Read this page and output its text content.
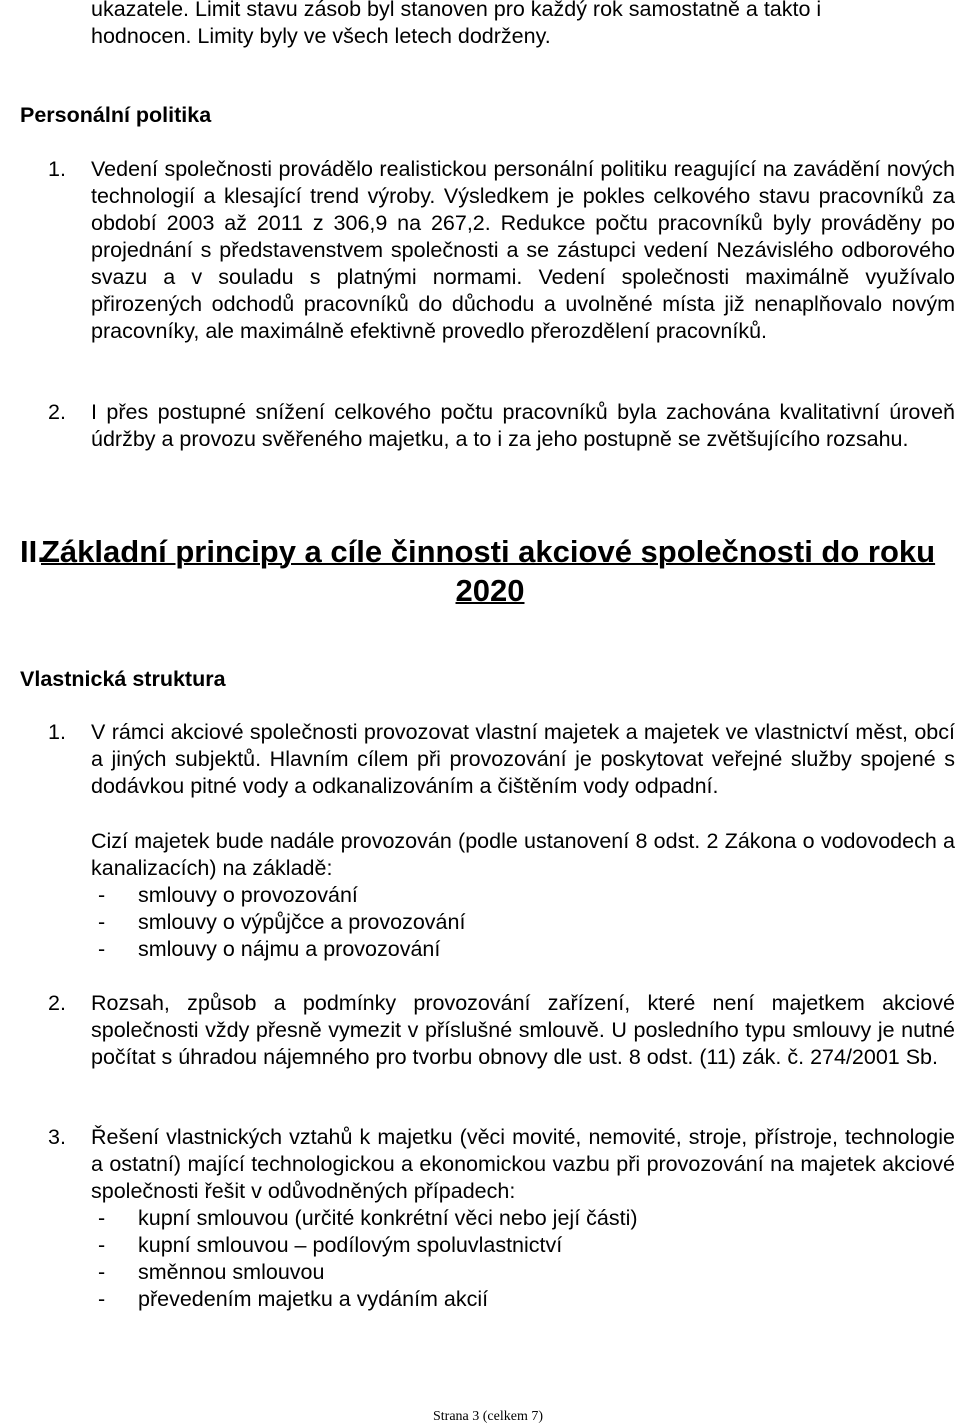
ukazatele. Limit stavu zásob byl stanoven pro každý rok samostatně a takto i
hodnocen. Limity byly ve všech letech dodrženy.
Personální politika
1. Vedení společnosti provádělo realistickou personální politiku reagující na zavádění nových technologií a klesající trend výroby. Výsledkem je pokles celkového stavu pracovníků za období 2003 až 2011 z 306,9 na 267,2. Redukce počtu pracovníků byly prováděny po projednání s představenstvem společnosti a se zástupci vedení Nezávislého odborového svazu a v souladu s platnými normami. Vedení společnosti maximálně využívalo přirozených odchodů pracovníků do důchodu a uvolněné místa již nenaplňovalo novým pracovníky, ale maximálně efektivně provedlo přerozdělení pracovníků.
2. I přes postupné snížení celkového počtu pracovníků byla zachována kvalitativní úroveň údržby a provozu svěřeného majetku, a to i za jeho postupně se zvětšujícího rozsahu.
II.
Základní principy a cíle činnosti akciové společnosti do roku
2020
Vlastnická struktura
1. V rámci akciové společnosti provozovat vlastní majetek a majetek ve vlastnictví měst, obcí a jiných subjektů. Hlavním cílem při provozování je poskytovat veřejné služby spojené s dodávkou pitné vody a odkanalizováním a čištěním vody odpadní.
Cizí majetek bude nadále provozován (podle ustanovení 8 odst. 2 Zákona o vodovodech a kanalizacích) na základě:
- smlouvy o provozování
- smlouvy o výpůjčce a provozování
- smlouvy o nájmu a provozování
2. Rozsah, způsob a podmínky provozování zařízení, které není majetkem akciové společnosti vždy přesně vymezit v příslušné smlouvě. U posledního typu smlouvy je nutné počítat s úhradou nájemného pro tvorbu obnovy dle ust. 8 odst. (11) zák. č. 274/2001 Sb.
3. Řešení vlastnických vztahů k majetku (věci movité, nemovité, stroje, přístroje, technologie a ostatní) mající technologickou a ekonomickou vazbu při provozování na majetek akciové společnosti řešit v odůvodněných případech:
- kupní smlouvou (určité konkrétní věci nebo její části)
- kupní smlouvou – podílovým spoluvlastnictví
- směnnou smlouvou
- převedením majetku a vydáním akcií
Strana 3 (celkem 7)
